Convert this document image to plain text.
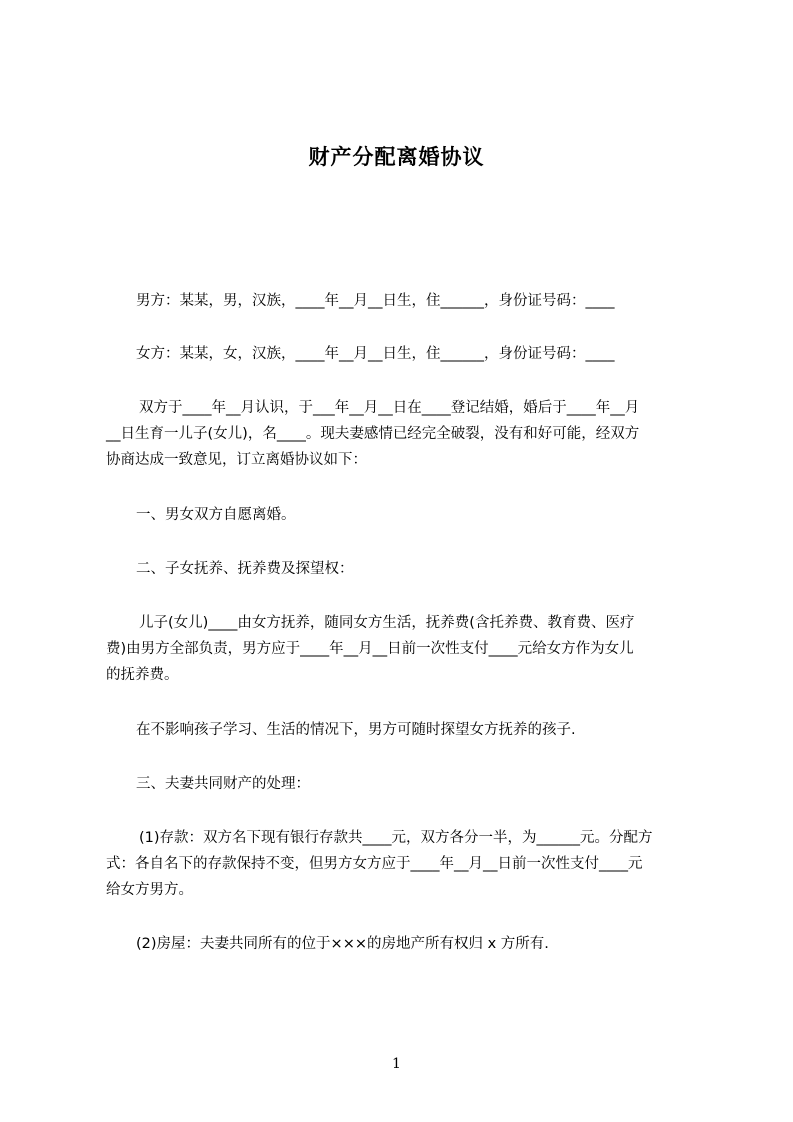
财产分配离婚协议
男方：某某，男，汉族，____年__月__日生，住______，身份证号码：____
女方：某某，女，汉族，____年__月__日生，住______，身份证号码：____
双方于____年__月认识，于___年__月__日在____登记结婚，婚后于____年__月
__日生育一儿子(女儿)，名____。现夫妻感情已经完全破裂，没有和好可能，经双方
协商达成一致意见，订立离婚协议如下：
一、男女双方自愿离婚。
二、子女抚养、抚养费及探望权：
儿子(女儿)____由女方抚养，随同女方生活，抚养费(含托养费、教育费、医疗
费)由男方全部负责，男方应于____年__月__日前一次性支付____元给女方作为女儿
的抚养费。
在不影响孩子学习、生活的情况下，男方可随时探望女方抚养的孩子.
三、夫妻共同财产的处理：
(1)存款：双方名下现有银行存款共____元，双方各分一半，为______元。分配方
式：各自名下的存款保持不变，但男方女方应于____年__月__日前一次性支付____元
给女方男方。
(2)房屋：夫妻共同所有的位于×××的房地产所有权归 x 方所有.
1
